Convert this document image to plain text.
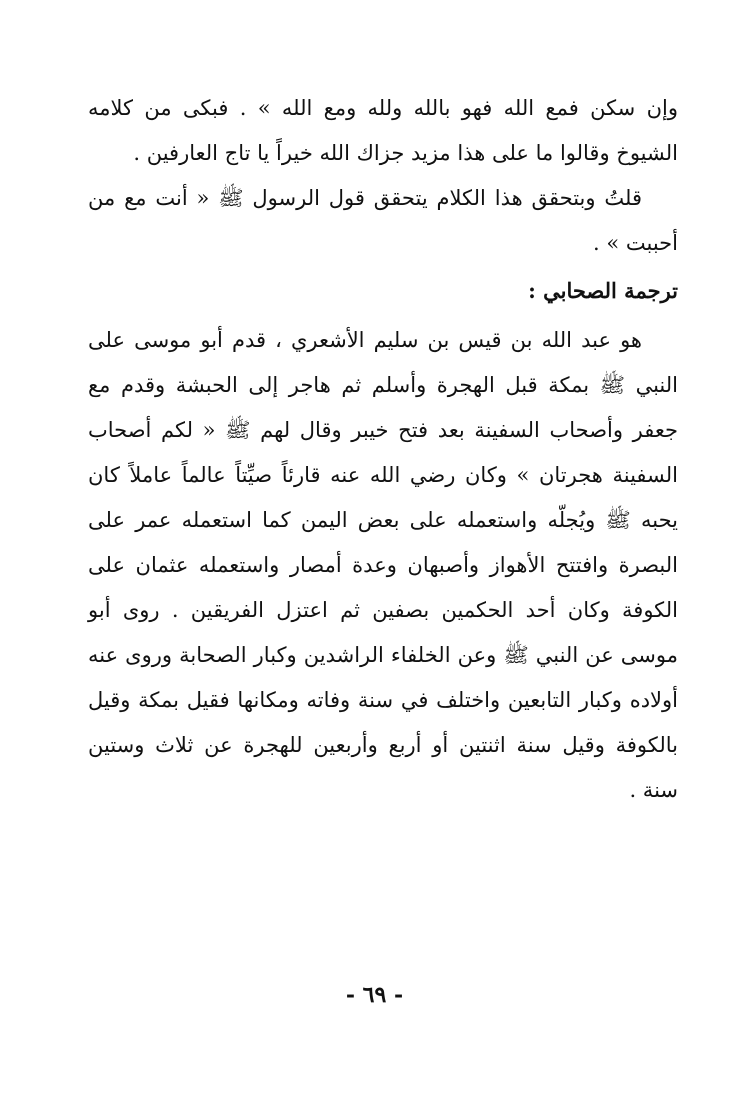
وإن سكن فمع الله فهو بالله ولله ومع الله » . فبكى من كلامه الشيوخ وقالوا ما على هذا مزيد جزاك الله خيراً يا تاج العارفين .

قلتُ وبتحقق هذا الكلام يتحقق قول الرسول ﷺ « أنت مع من أحببت » .

ترجمة الصحابي :

هو عبد الله بن قيس بن سليم الأشعري ، قدم أبو موسى على النبي ﷺ بمكة قبل الهجرة وأسلم ثم هاجر إلى الحبشة وقدم مع جعفر وأصحاب السفينة بعد فتح خيبر وقال لهم ﷺ « لكم أصحاب السفينة هجرتان » وكان رضي الله عنه قارئاً صيِّتاً عالماً عاملاً كان يحبه ﷺ ويُجلّه واستعمله على بعض اليمن كما استعمله عمر على البصرة وافتتح الأهواز وأصبهان وعدة أمصار واستعمله عثمان على الكوفة وكان أحد الحكمين بصفين ثم اعتزل الفريقين . روى أبو موسى عن النبي ﷺ وعن الخلفاء الراشدين وكبار الصحابة وروى عنه أولاده وكبار التابعين واختلف في سنة وفاته ومكانها فقيل بمكة وقيل بالكوفة وقيل سنة اثنتين أو أربع وأربعين للهجرة عن ثلاث وستين سنة .

- ٦٩ -
